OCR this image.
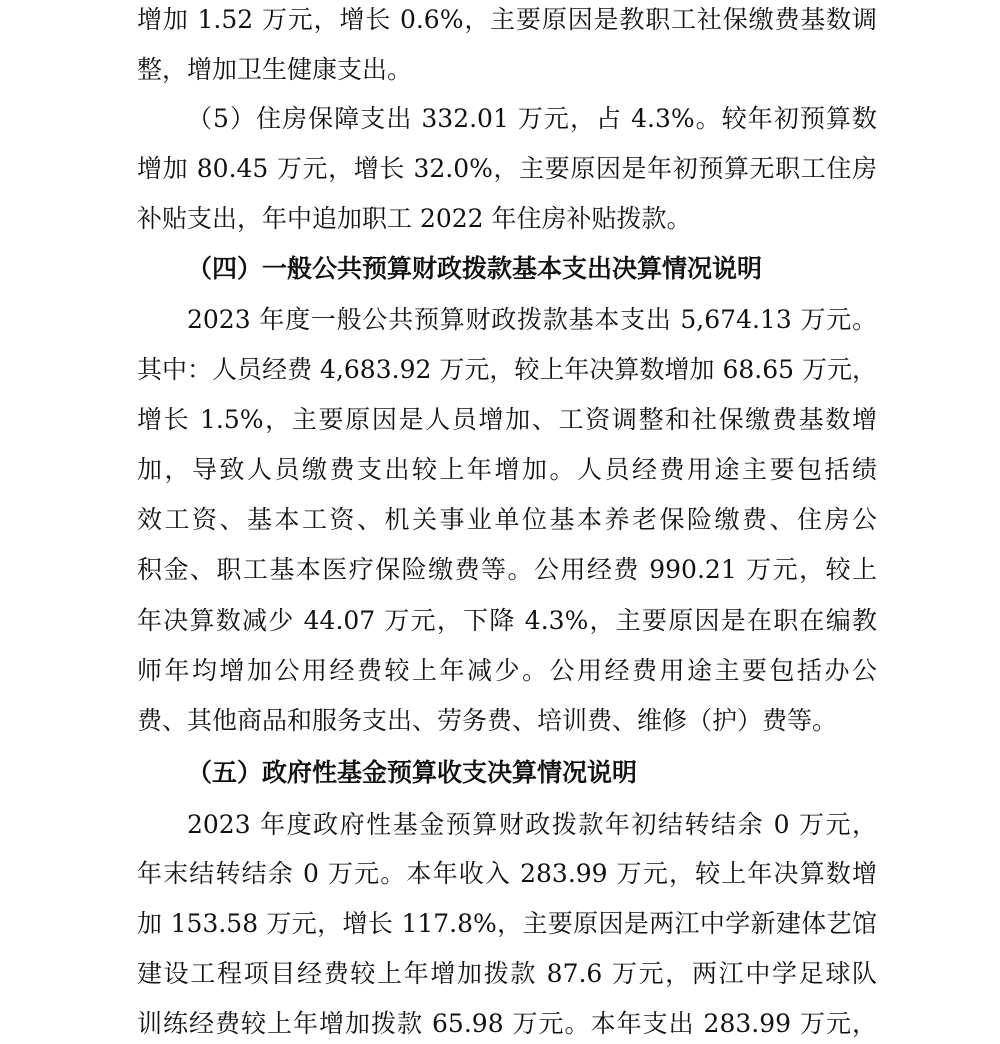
增加 1.52 万元，增长 0.6%，主要原因是教职工社保缴费基数调
整，增加卫生健康支出。
（5）住房保障支出 332.01 万元，占 4.3%。较年初预算数
增加 80.45 万元，增长 32.0%，主要原因是年初预算无职工住房
补贴支出，年中追加职工 2022 年住房补贴拨款。
（四）一般公共预算财政拨款基本支出决算情况说明
2023 年度一般公共预算财政拨款基本支出 5,674.13 万元。
其中：人员经费 4,683.92 万元，较上年决算数增加 68.65 万元，
增长 1.5%，主要原因是人员增加、工资调整和社保缴费基数增
加，导致人员缴费支出较上年增加。人员经费用途主要包括绩
效工资、基本工资、机关事业单位基本养老保险缴费、住房公
积金、职工基本医疗保险缴费等。公用经费 990.21 万元，较上
年决算数减少 44.07 万元，下降 4.3%，主要原因是在职在编教
师年均增加公用经费较上年减少。公用经费用途主要包括办公
费、其他商品和服务支出、劳务费、培训费、维修（护）费等。
（五）政府性基金预算收支决算情况说明
2023 年度政府性基金预算财政拨款年初结转结余 0 万元，
年末结转结余 0 万元。本年收入 283.99 万元，较上年决算数增
加 153.58 万元，增长 117.8%，主要原因是两江中学新建体艺馆
建设工程项目经费较上年增加拨款 87.6 万元，两江中学足球队
训练经费较上年增加拨款 65.98 万元。本年支出 283.99 万元，
